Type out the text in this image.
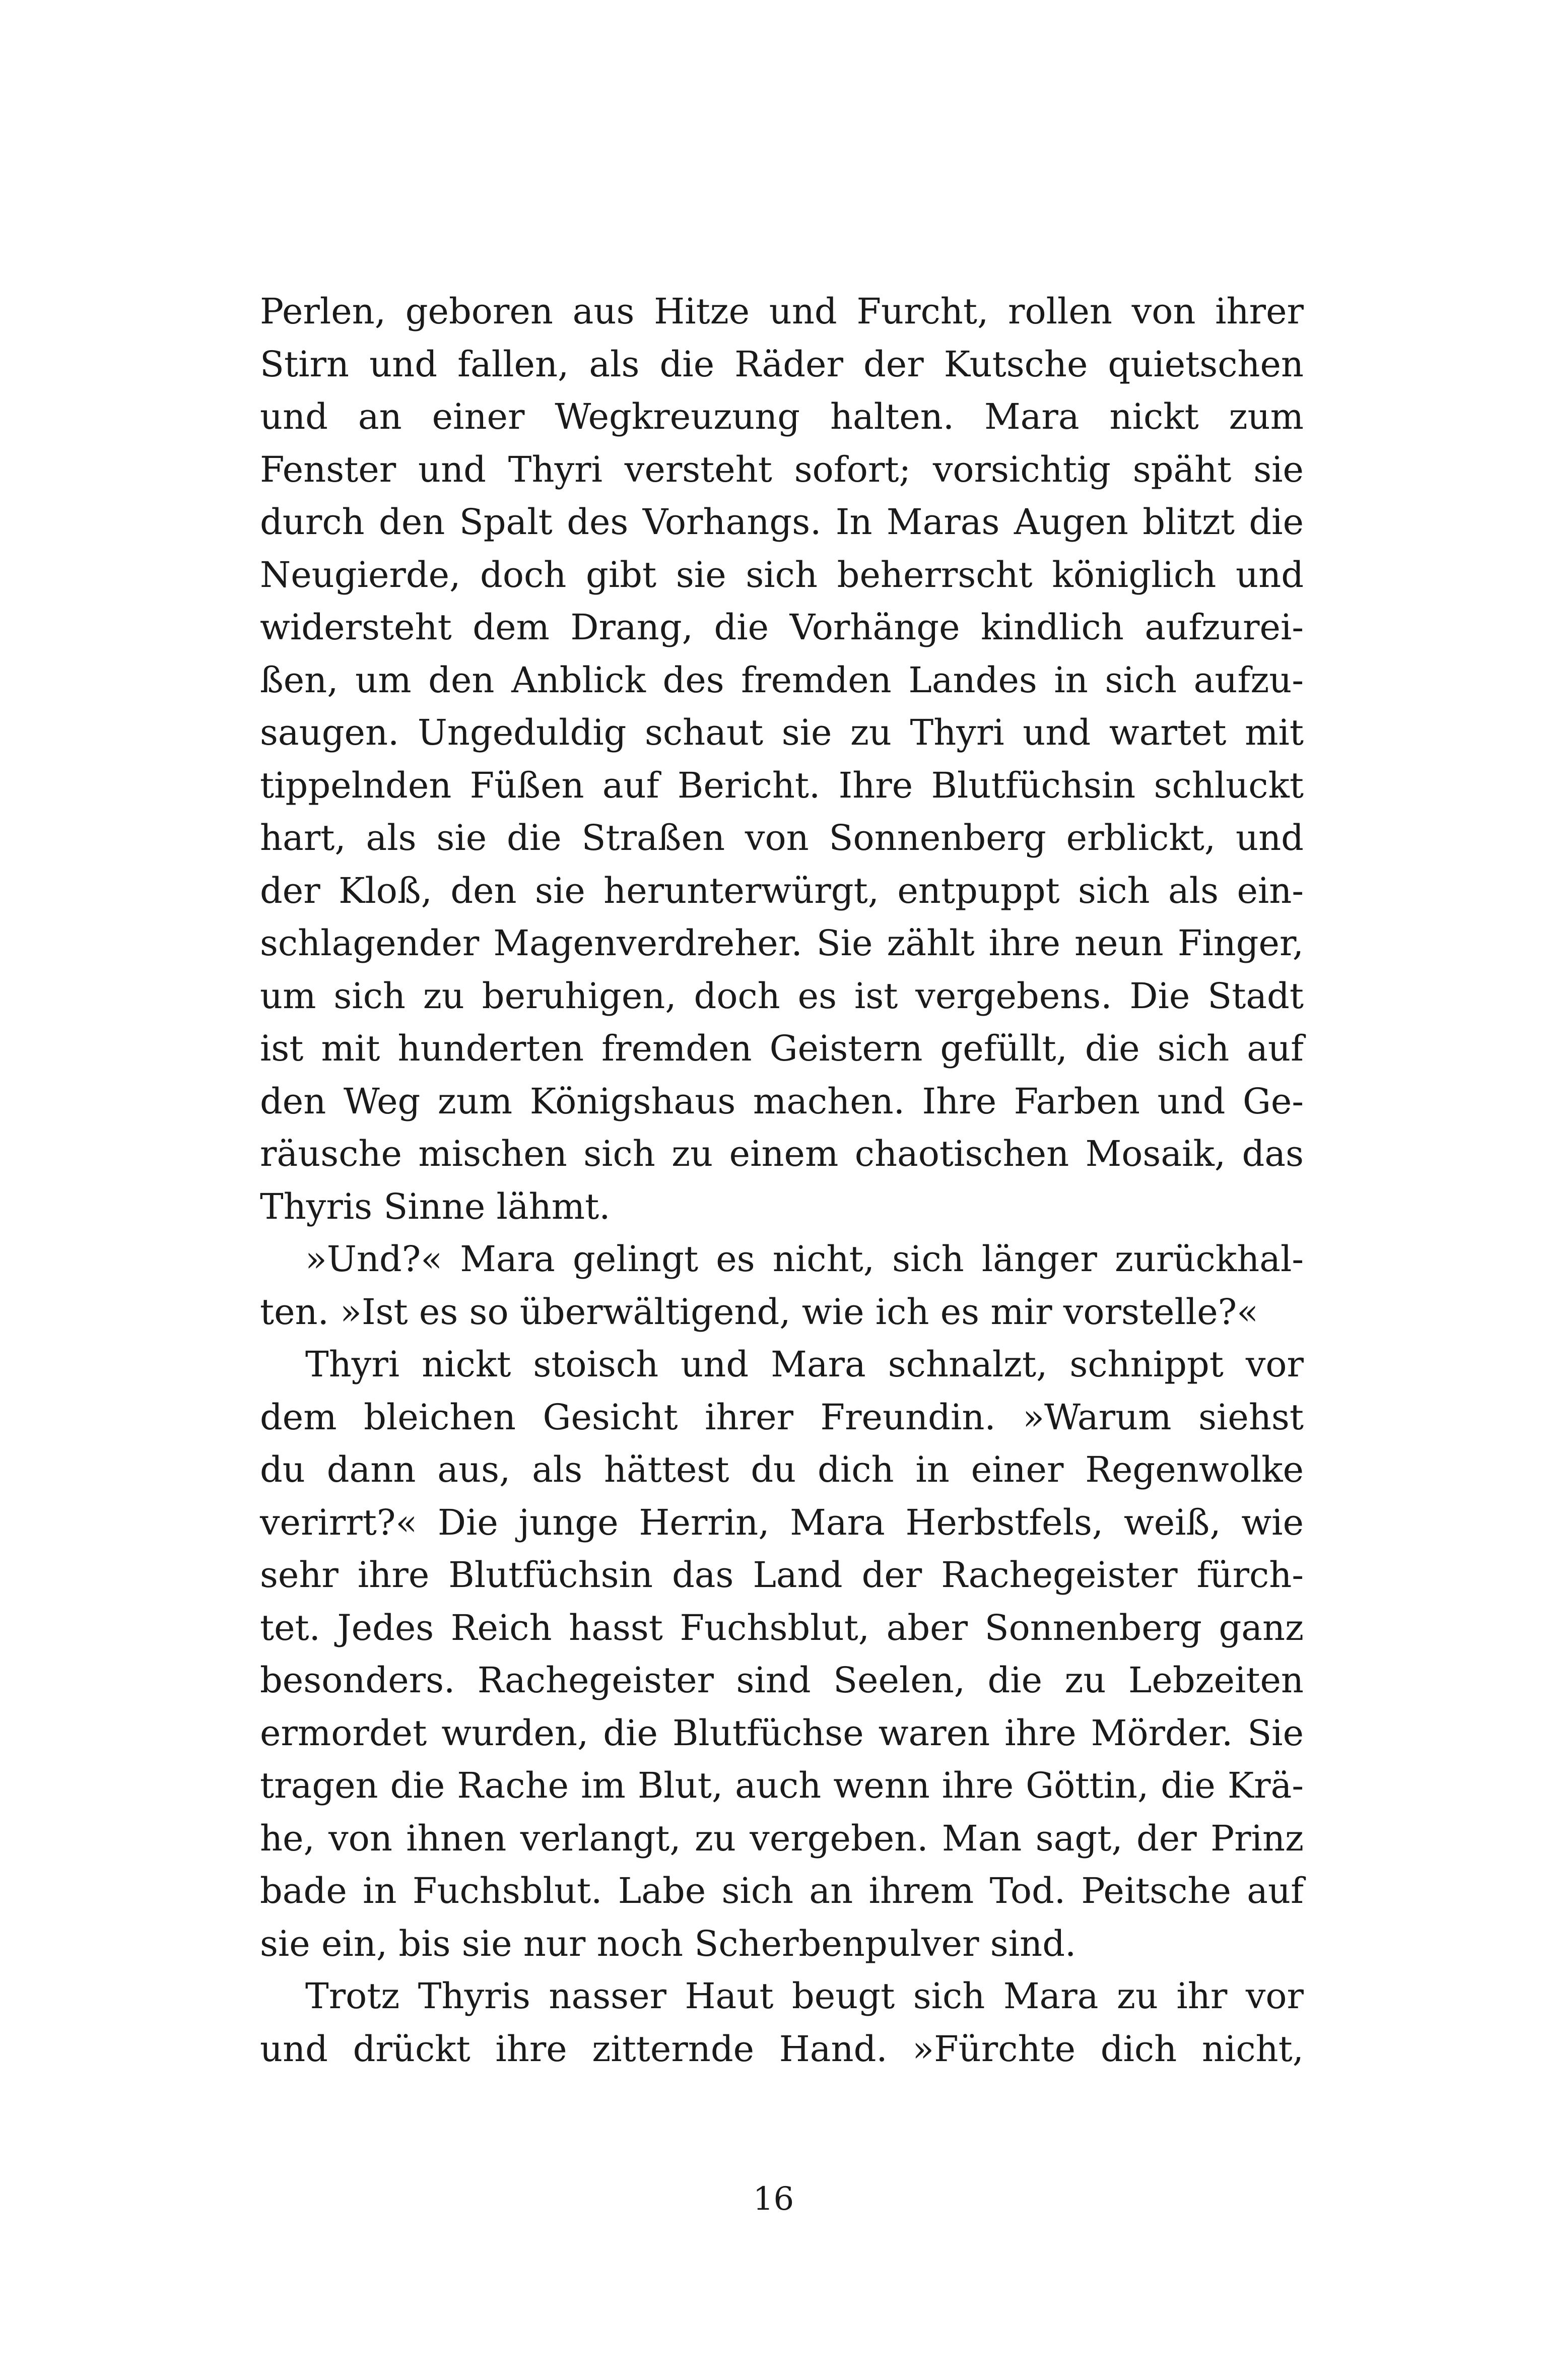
Perlen, geboren aus Hitze und Furcht, rollen von ihrer
Stirn und fallen, als die Räder der Kutsche quietschen
und an einer Wegkreuzung halten. Mara nickt zum
Fenster und Thyri versteht sofort; vorsichtig späht sie
durch den Spalt des Vorhangs. In Maras Augen blitzt die
Neugierde, doch gibt sie sich beherrscht königlich und
widersteht dem Drang, die Vorhänge kindlich aufzurei-
ßen, um den Anblick des fremden Landes in sich aufzu-
saugen. Ungeduldig schaut sie zu Thyri und wartet mit
tippelnden Füßen auf Bericht. Ihre Blutfüchsin schluckt
hart, als sie die Straßen von Sonnenberg erblickt, und
der Kloß, den sie herunterwürgt, entpuppt sich als ein-
schlagender Magenverdreher. Sie zählt ihre neun Finger,
um sich zu beruhigen, doch es ist vergebens. Die Stadt
ist mit hunderten fremden Geistern gefüllt, die sich auf
den Weg zum Königshaus machen. Ihre Farben und Ge-
räusche mischen sich zu einem chaotischen Mosaik, das
Thyris Sinne lähmt.
»Und?« Mara gelingt es nicht, sich länger zurückhal-
ten. »Ist es so überwältigend, wie ich es mir vorstelle?«
Thyri nickt stoisch und Mara schnalzt, schnippt vor
dem bleichen Gesicht ihrer Freundin. »Warum siehst
du dann aus, als hättest du dich in einer Regenwolke
verirrt?« Die junge Herrin, Mara Herbstfels, weiß, wie
sehr ihre Blutfüchsin das Land der Rachegeister fürch-
tet. Jedes Reich hasst Fuchsblut, aber Sonnenberg ganz
besonders. Rachegeister sind Seelen, die zu Lebzeiten
ermordet wurden, die Blutfüchse waren ihre Mörder. Sie
tragen die Rache im Blut, auch wenn ihre Göttin, die Krä-
he, von ihnen verlangt, zu vergeben. Man sagt, der Prinz
bade in Fuchsblut. Labe sich an ihrem Tod. Peitsche auf
sie ein, bis sie nur noch Scherbenpulver sind.
Trotz Thyris nasser Haut beugt sich Mara zu ihr vor
und drückt ihre zitternde Hand. »Fürchte dich nicht,
16
